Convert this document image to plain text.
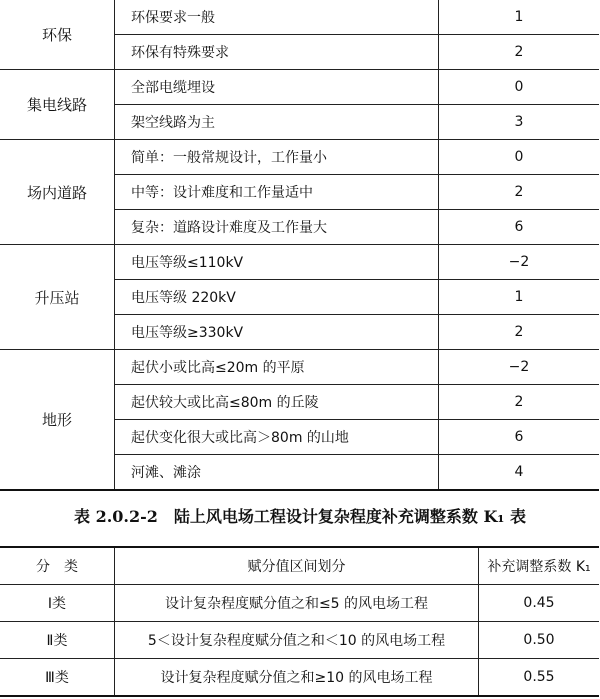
环保	环保要求一般	1
	环保有特殊要求	2
集电线路	全部电缆埋设	0
	架空线路为主	3
场内道路	简单：一般常规设计，工作量小	0
	中等：设计难度和工作量适中	2
	复杂：道路设计难度及工作量大	6
升压站	电压等级≤110kV	−2
	电压等级 220kV	1
	电压等级≥330kV	2
地形	起伏小或比高≤20m 的平原	−2
	起伏较大或比高≤80m 的丘陵	2
	起伏变化很大或比高＞80m 的山地	6
	河滩、滩涂	4
表 2.0.2-2　陆上风电场工程设计复杂程度补充调整系数 K₁ 表
分　类	赋分值区间划分	补充调整系数 K₁
Ⅰ类	设计复杂程度赋分值之和≤5 的风电场工程	0.45
Ⅱ类	5＜设计复杂程度赋分值之和＜10 的风电场工程	0.50
Ⅲ类	设计复杂程度赋分值之和≥10 的风电场工程	0.55
